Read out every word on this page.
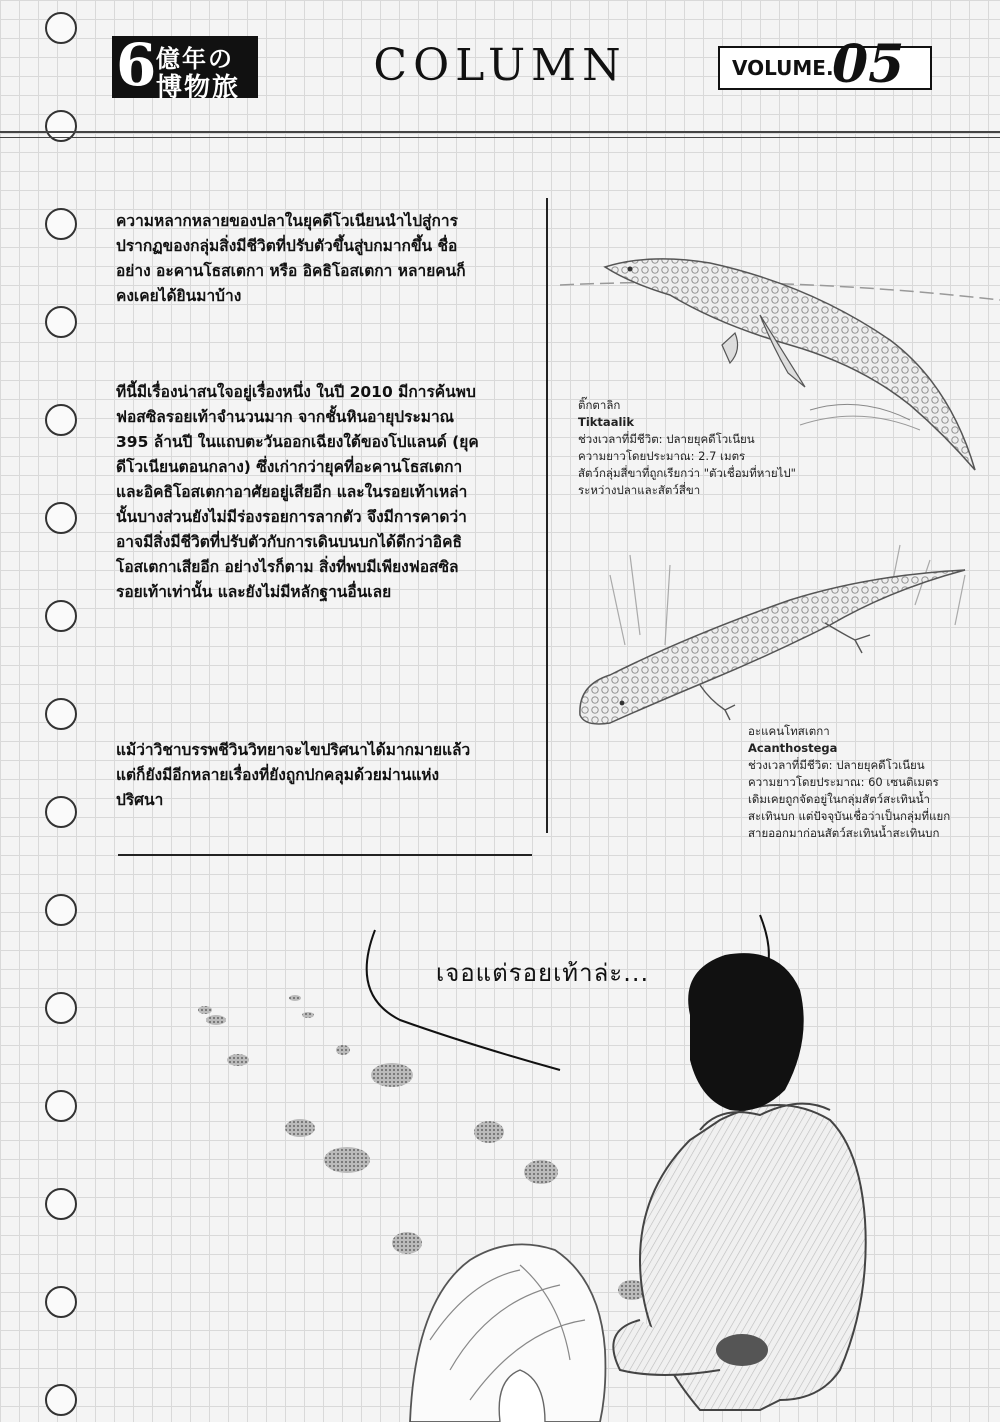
6 億年の
博物旅	COLUMN	VOLUME.
05
ความหลากหลายของปลาในยุคดีโวเนียนนำไปสู่การ
ปรากฏของกลุ่มสิ่งมีชีวิตที่ปรับตัวขึ้นสู่บกมากขึ้น ชื่อ
อย่าง อะคานโธสเตกา หรือ อิคธิโอสเตกา หลายคนก็
คงเคยได้ยินมาบ้าง
ทีนี้มีเรื่องน่าสนใจอยู่เรื่องหนึ่ง ในปี 2010 มีการค้นพบ
ฟอสซิลรอยเท้าจำนวนมาก จากชั้นหินอายุประมาณ
395 ล้านปี ในแถบตะวันออกเฉียงใต้ของโปแลนด์ (ยุค
ดีโวเนียนตอนกลาง) ซึ่งเก่ากว่ายุคที่อะคานโธสเตกา
และอิคธิโอสเตกาอาศัยอยู่เสียอีก และในรอยเท้าเหล่า
นั้นบางส่วนยังไม่มีร่องรอยการลากตัว จึงมีการคาดว่า
อาจมีสิ่งมีชีวิตที่ปรับตัวกับการเดินบนบกได้ดีกว่าอิคธิ
โอสเตกาเสียอีก อย่างไรก็ตาม สิ่งที่พบมีเพียงฟอสซิล
รอยเท้าเท่านั้น และยังไม่มีหลักฐานอื่นเลย
แม้ว่าวิชาบรรพชีวินวิทยาจะไขปริศนาได้มากมายแล้ว
แต่ก็ยังมีอีกหลายเรื่องที่ยังถูกปกคลุมด้วยม่านแห่ง
ปริศนา
ติ๊กตาลิก
Tiktaalik
ช่วงเวลาที่มีชีวิต: ปลายยุคดีโวเนียน
ความยาวโดยประมาณ: 2.7 เมตร
สัตว์กลุ่มสี่ขาที่ถูกเรียกว่า "ตัวเชื่อมที่หายไป"
ระหว่างปลาและสัตว์สี่ขา
อะแคนโทสเตกา
Acanthostega
ช่วงเวลาที่มีชีวิต: ปลายยุคดีโวเนียน
ความยาวโดยประมาณ: 60 เซนติเมตร
เดิมเคยถูกจัดอยู่ในกลุ่มสัตว์สะเทินน้ำ
สะเทินบก แต่ปัจจุบันเชื่อว่าเป็นกลุ่มที่แยก
สายออกมาก่อนสัตว์สะเทินน้ำสะเทินบก
เจอแต่รอยเท้าล่ะ...
